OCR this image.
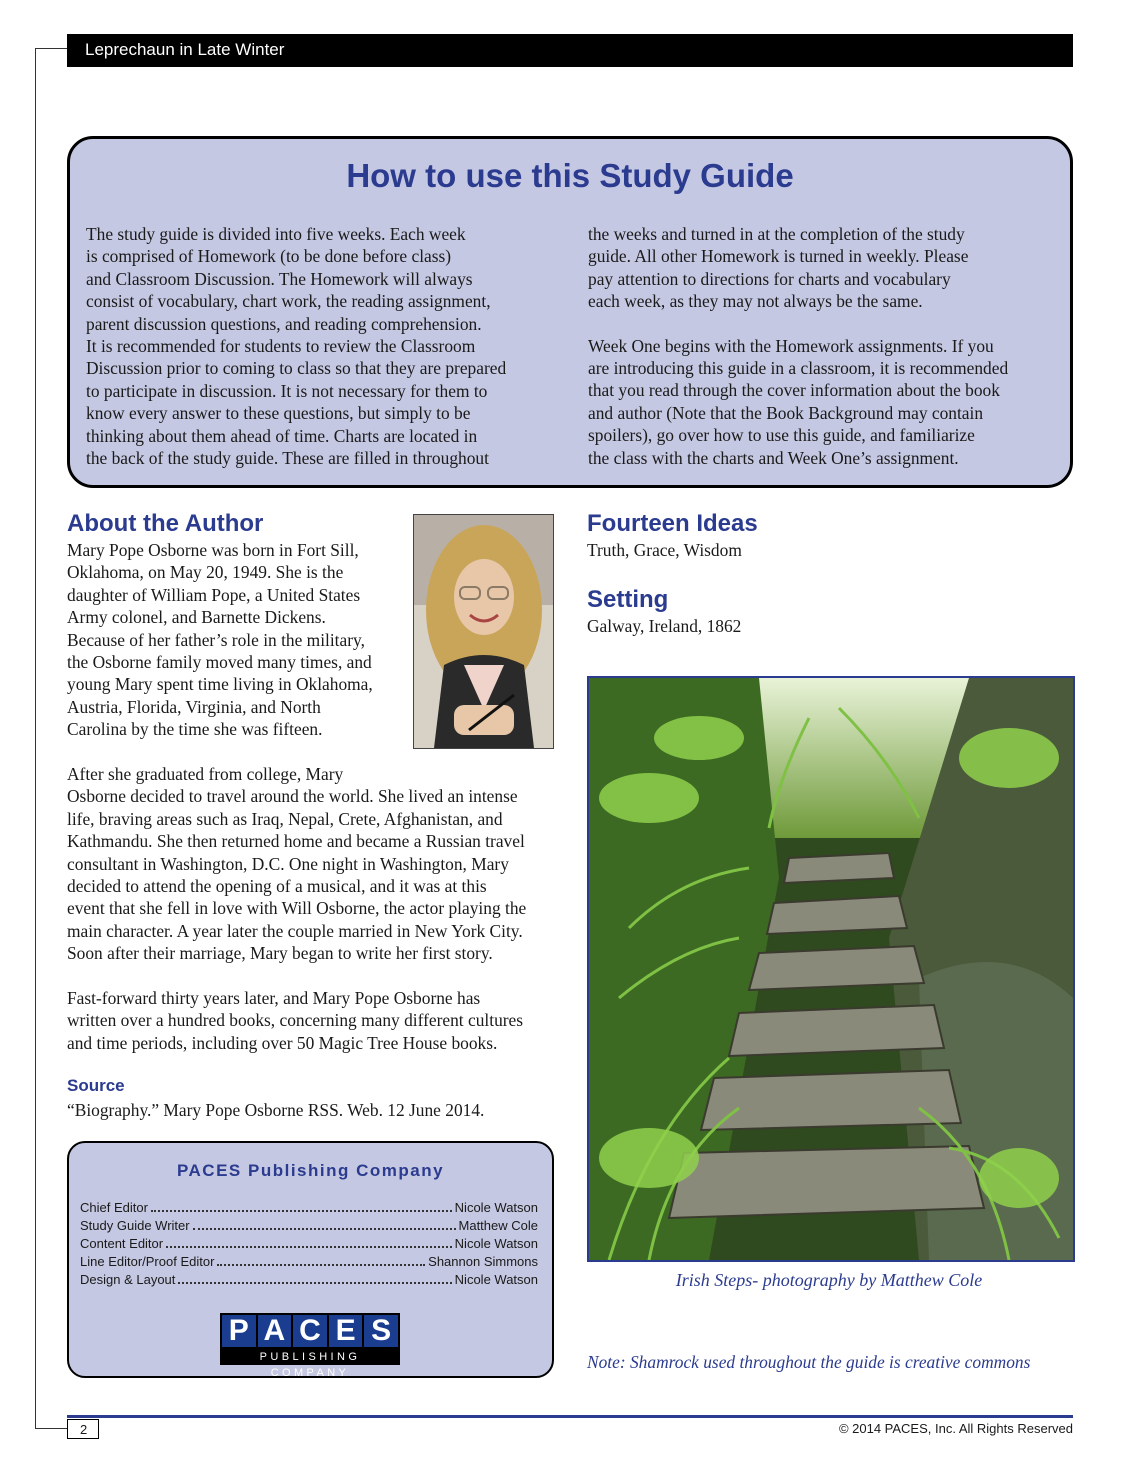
Leprechaun in Late Winter
How to use this Study Guide

The study guide is divided into five weeks. Each week
is comprised of Homework (to be done before class)
and Classroom Discussion. The Homework will always
consist of vocabulary, chart work, the reading assignment,
parent discussion questions, and reading comprehension.
It is recommended for students to review the Classroom
Discussion prior to coming to class so that they are prepared
to participate in discussion. It is not necessary for them to
know every answer to these questions, but simply to be
thinking about them ahead of time. Charts are located in
the back of the study guide. These are filled in throughout

the weeks and turned in at the completion of the study
guide. All other Homework is turned in weekly. Please
pay attention to directions for charts and vocabulary
each week, as they may not always be the same.

Week One begins with the Homework assignments. If you
are introducing this guide in a classroom, it is recommended
that you read through the cover information about the book
and author (Note that the Book Background may contain
spoilers), go over how to use this guide, and familiarize
the class with the charts and Week One’s assignment.

About the Author

Mary Pope Osborne was born in Fort Sill,
Oklahoma, on May 20, 1949. She is the
daughter of William Pope, a United States
Army colonel, and Barnette Dickens.
Because of her father’s role in the military,
the Osborne family moved many times, and
young Mary spent time living in Oklahoma,
Austria, Florida, Virginia, and North
Carolina by the time she was fifteen.

After she graduated from college, Mary
Osborne decided to travel around the world. She lived an intense
life, braving areas such as Iraq, Nepal, Crete, Afghanistan, and
Kathmandu. She then returned home and became a Russian travel
consultant in Washington, D.C. One night in Washington, Mary
decided to attend the opening of a musical, and it was at this
event that she fell in love with Will Osborne, the actor playing the
main character. A year later the couple married in New York City.
Soon after their marriage, Mary began to write her first story.

Fast-forward thirty years later, and Mary Pope Osborne has
written over a hundred books, concerning many different cultures
and time periods, including over 50 Magic Tree House books.

Source

“Biography.” Mary Pope Osborne RSS. Web. 12 June 2014.

PACES Publishing Company
Chief Editor	Nicole Watson
Study Guide Writer	Matthew Cole
Content Editor	Nicole Watson
Line Editor/Proof Editor	Shannon Simmons
Design & Layout	Nicole Watson
P A C E S
PUBLISHING COMPANY
Fourteen Ideas

Truth, Grace, Wisdom

Setting

Galway, Ireland, 1862

Irish Steps- photography by Matthew Cole
Note: Shamrock used throughout the guide is creative commons
2	© 2014 PACES, Inc. All Rights Reserved
